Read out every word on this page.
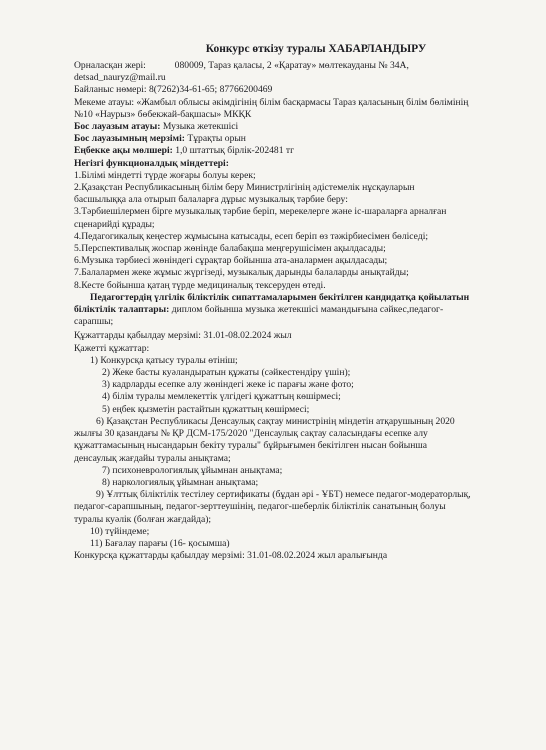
Конкурс өткізу туралы ХАБАРЛАНДЫРУ
Орналасқан жері:	080009, Тараз қаласы, 2 «Қаратау» мөлтекауданы № 34А,
detsad_nauryz@mail.ru
Байланыс нөмері: 8(7262)34-61-65; 87766200469
Мекеме атауы: «Жамбыл облысы әкімдігінің білім басқармасы Тараз қаласының білім бөлімінің
№10 «Наурыз» бөбекжай-бақшасы» МКҚК
Бос лауазым атауы: Музыка жетекшісі
Бос лауазымның мерзімі: Тұрақты орын
Еңбекке ақы мөлшері: 1,0 штаттық бірлік-202481 тг
Негізгі функционалдық міндеттері:
1.Білімі міндетті түрде жоғары болуы керек;
2.Қазақстан Республикасының білім беру Министрлігінің әдістемелік нұсқауларын
басшылыққа ала отырып балаларға дұрыс музыкалық тәрбие беру:
3.Тәрбиешілермен бірге музыкалық тәрбие беріп, мерекелерге және іс-шараларға арналған
сценарийді құрады;
4.Педагогикалық кеңестер жұмысына катысады, есеп беріп өз тәжірбиесімен бөліседі;
5.Перспективалық жоспар жөнінде балабақша меңгерушісімен ақылдасады;
6.Музыка тәрбиесі жөніндегі сұрақтар бойынша ата-аналармен ақылдасады;
7.Балалармен жеке жұмыс жүргізеді, музыкалық дарынды балаларды анықтайды;
8.Кесте бойынша қатаң түрде медициналық тексеруден өтеді.
Педагогтердің үлгілік біліктілік сипаттамаларымен бекітілген кандидатқа қойылатын
біліктілік талаптары: диплом бойынша музыка жетекшісі мамандығына сәйкес,педагог-
сарапшы;
Құжаттарды қабылдау мерзімі: 31.01-08.02.2024 жыл
Қажетті құжаттар:
1) Конкурсқа қатысу туралы өтініш;
2) Жеке басты куәландыратын құжаты (сәйкестендіру үшін);
3) кадрларды есепке алу жөніндегі жеке іс парағы және фото;
4) білім туралы мемлекеттік үлгідегі құжаттың көшірмесі;
5) еңбек қызметін растайтын құжаттың көшірмесі;
6) Қазақстан Республикасы Денсаулық сақтау министрінің міндетін атқарушының 2020
жылғы 30 қазандағы № ҚР ДСМ-175/2020 "Денсаулық сақтау саласындағы есепке алу
құжаттамасының нысандарын бекіту туралы" бұйрығымен бекітілген нысан бойынша
денсаулық жағдайы туралы анықтама;
7) психоневрологиялық ұйымнан анықтама;
8) наркологиялық ұйымнан анықтама;
9) Ұлттық біліктілік тестілеу сертификаты (бұдан әрі - ҰБТ) немесе педагог-модераторлық,
педагог-сарапшының, педагог-зерттеушінің, педагог-шеберлік біліктілік санатының болуы
туралы куәлік (болған жағдайда);
10) түйіндеме;
11) Бағалау парағы (16- қосымша)
Конкурсқа құжаттарды қабылдау мерзімі: 31.01-08.02.2024 жыл аралығында
